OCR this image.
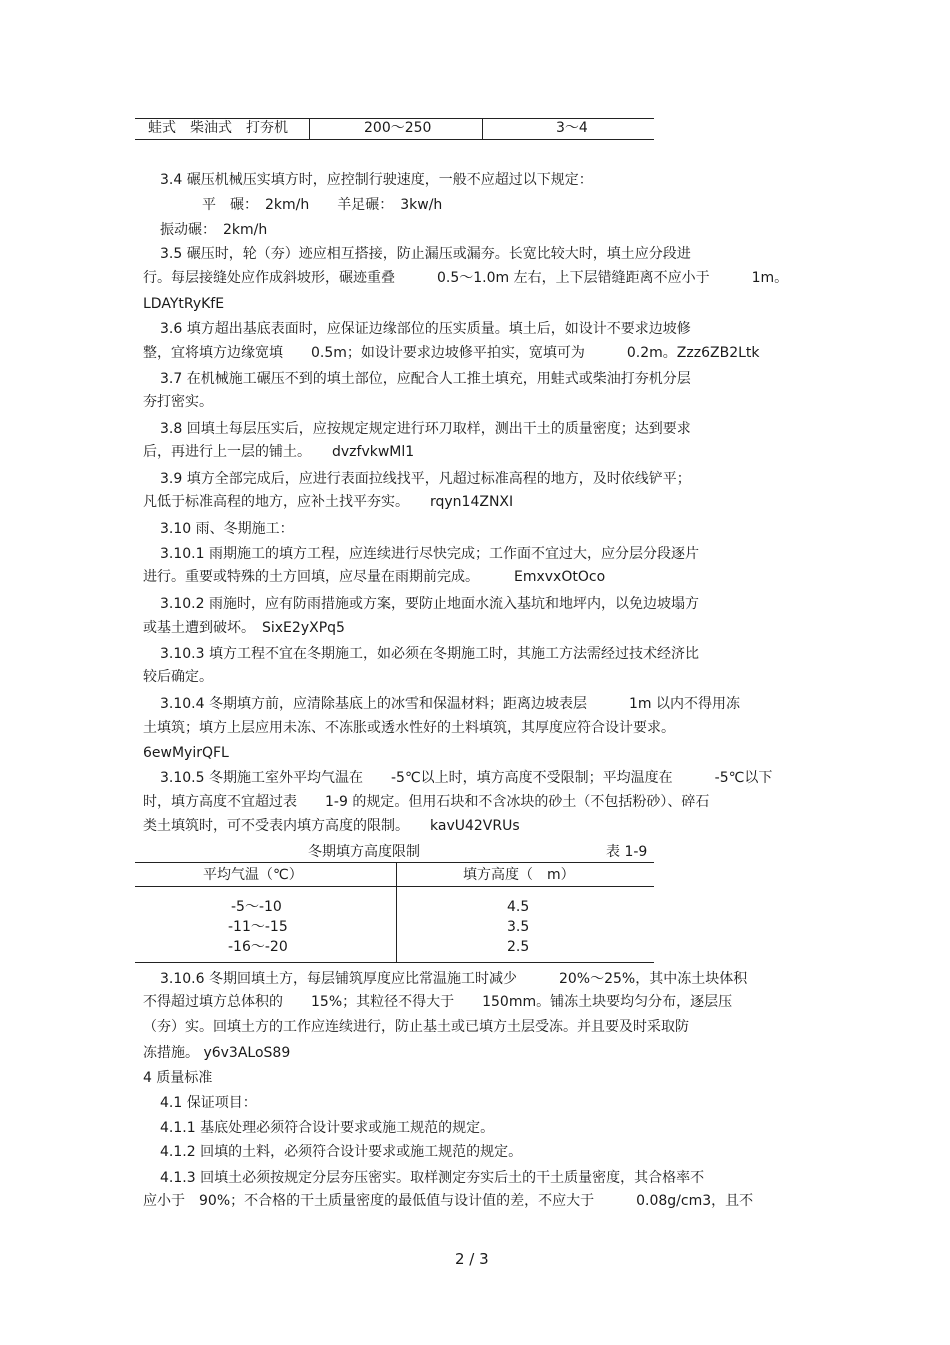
蛙式　柴油式　打夯机	200～250	3～4
3.4 碾压机械压实填方时，应控制行驶速度，一般不应超过以下规定：
平　碾：　2km/h　　羊足碾：　3kw/h
振动碾：　2km/h
3.5 碾压时，轮（夯）迹应相互搭接，防止漏压或漏夯。长宽比较大时，填土应分段进
行。每层接缝处应作成斜坡形，碾迹重叠　　　0.5～1.0m 左右，上下层错缝距离不应小于　　　1m。
LDAYtRyKfE
3.6 填方超出基底表面时，应保证边缘部位的压实质量。填土后，如设计不要求边坡修
整，宜将填方边缘宽填　　0.5m；如设计要求边坡修平拍实，宽填可为　　　0.2m。Zzz6ZB2Ltk
3.7 在机械施工碾压不到的填土部位，应配合人工推土填充，用蛙式或柴油打夯机分层
夯打密实。
3.8 回填土每层压实后，应按规定规定进行环刀取样，测出干土的质量密度；达到要求
后，再进行上一层的铺土。　　dvzfvkwMl1
3.9 填方全部完成后，应进行表面拉线找平，凡超过标准高程的地方，及时依线铲平；
凡低于标准高程的地方，应补土找平夯实。　　rqyn14ZNXI
3.10 雨、冬期施工：
3.10.1 雨期施工的填方工程，应连续进行尽快完成；工作面不宜过大，应分层分段逐片
进行。重要或特殊的土方回填，应尽量在雨期前完成。　　　EmxvxOtOco
3.10.2 雨施时，应有防雨措施或方案，要防止地面水流入基坑和地坪内，以免边坡塌方
或基土遭到破坏。　SixE2yXPq5
3.10.3 填方工程不宜在冬期施工，如必须在冬期施工时，其施工方法需经过技术经济比
较后确定。
3.10.4 冬期填方前，应清除基底上的冰雪和保温材料；距离边坡表层　　　1m 以内不得用冻
土填筑；填方上层应用未冻、不冻胀或透水性好的土料填筑，其厚度应符合设计要求。
6ewMyirQFL
3.10.5 冬期施工室外平均气温在　　-5℃以上时，填方高度不受限制；平均温度在　　　-5℃以下
时，填方高度不宜超过表　　1-9 的规定。但用石块和不含冰块的砂土（不包括粉砂）、碎石
类土填筑时，可不受表内填方高度的限制。　　kavU42VRUs
冬期填方高度限制	表 1-9
平均气温（℃）	填方高度（　m）
-5～-10	4.5
-11～-15	3.5
-16～-20	2.5
3.10.6 冬期回填土方，每层铺筑厚度应比常温施工时减少　　　20%～25%，其中冻土块体积
不得超过填方总体积的　　15%；其粒径不得大于　　150mm。铺冻土块要均匀分布，逐层压
（夯）实。回填土方的工作应连续进行，防止基土或已填方土层受冻。并且要及时采取防
冻措施。 y6v3ALoS89
4 质量标准
4.1 保证项目：
4.1.1 基底处理必须符合设计要求或施工规范的规定。
4.1.2 回填的土料，必须符合设计要求或施工规范的规定。
4.1.3 回填土必须按规定分层夯压密实。取样测定夯实后土的干土质量密度，其合格率不
应小于　90%；不合格的干土质量密度的最低值与设计值的差，不应大于　　　0.08g/cm3，且不
2 / 3
